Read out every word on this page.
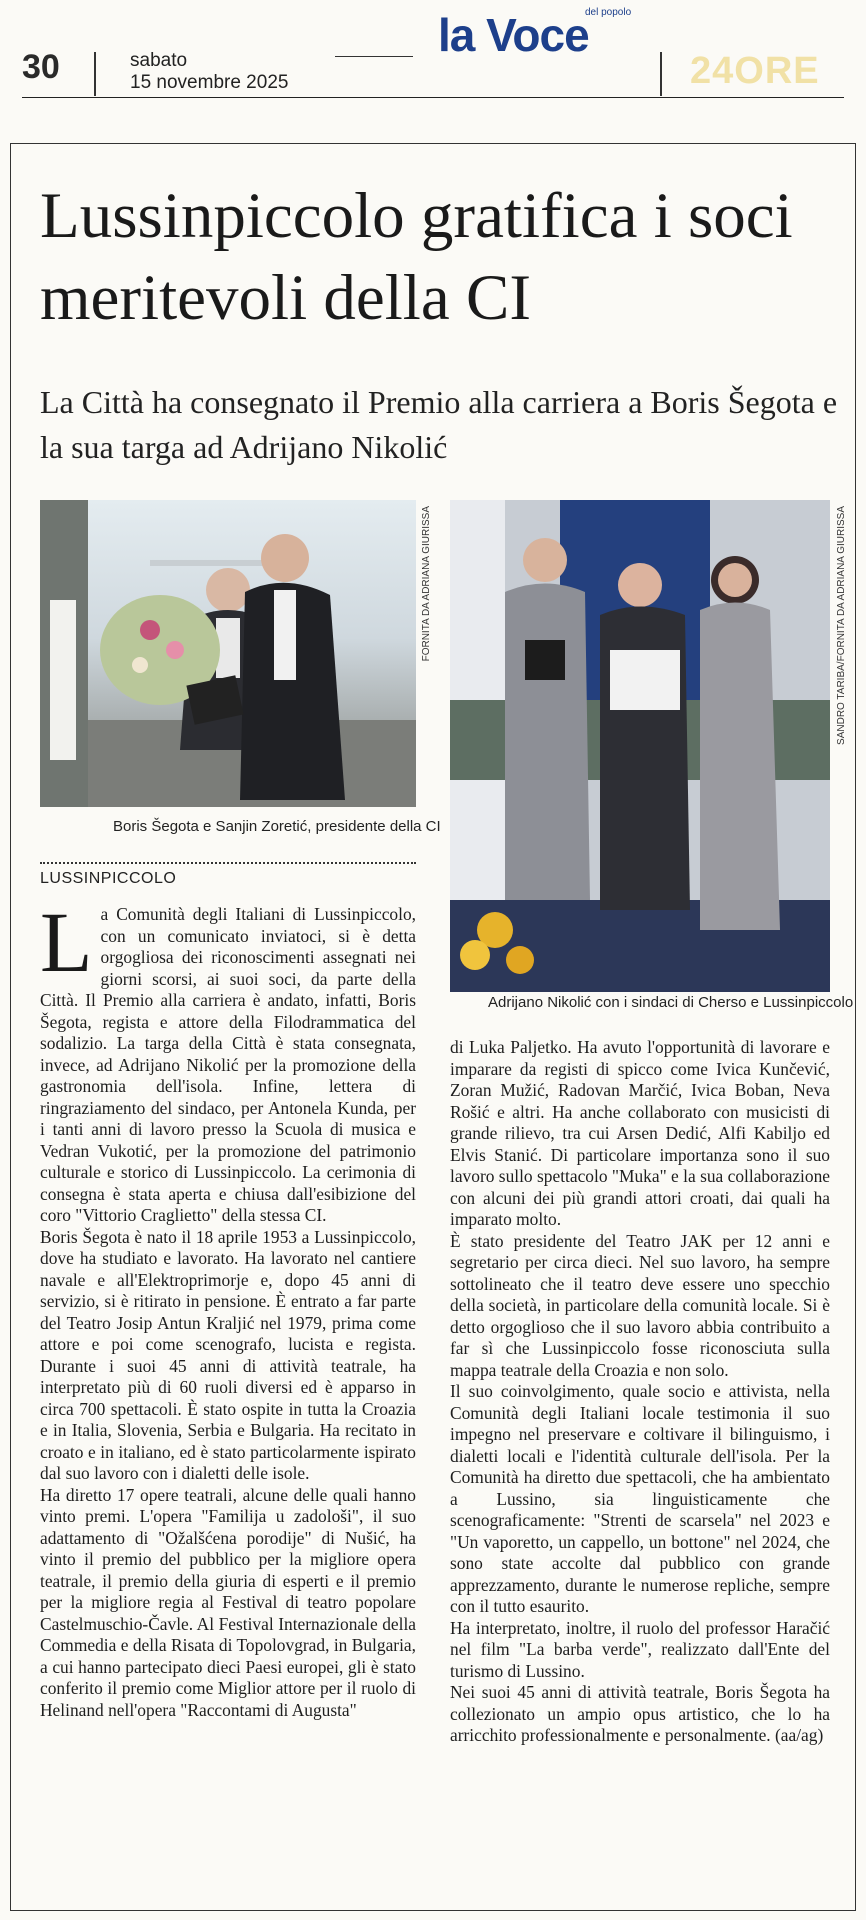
30	sabato
15 novembre 2025
la Voce
del popolo
24ORE
Lussinpiccolo gratifica i soci meritevoli della CI
La Città ha consegnato il Premio alla carriera a Boris Šegota e la sua targa ad Adrijano Nikolić
FORNITA DA ADRIANA GIURISSA
Boris Šegota e Sanjin Zoretić, presidente della CI
SANDRO TARIBA/FORNITA DA ADRIANA GIURISSA
Adrijano Nikolić con i sindaci di Cherso e Lussinpiccolo
LUSSINPICCOLO

La Comunità degli Italiani di Lussinpiccolo, con un comunicato inviatoci, si è detta orgogliosa dei riconoscimenti assegnati nei giorni scorsi, ai suoi soci, da parte della Città. Il Premio alla carriera è andato, infatti, Boris Šegota, regista e attore della Filodrammatica del sodalizio. La targa della Città è stata consegnata, invece, ad Adrijano Nikolić per la promozione della gastronomia dell'isola. Infine, lettera di ringraziamento del sindaco, per Antonela Kunda, per i tanti anni di lavoro presso la Scuola di musica e Vedran Vukotić, per la promozione del patrimonio culturale e storico di Lussinpiccolo. La cerimonia di consegna è stata aperta e chiusa dall'esibizione del coro "Vittorio Craglietto" della stessa CI.

Boris Šegota è nato il 18 aprile 1953 a Lussinpiccolo, dove ha studiato e lavorato. Ha lavorato nel cantiere navale e all'Elektroprimorje e, dopo 45 anni di servizio, si è ritirato in pensione. È entrato a far parte del Teatro Josip Antun Kraljić nel 1979, prima come attore e poi come scenografo, lucista e regista. Durante i suoi 45 anni di attività teatrale, ha interpretato più di 60 ruoli diversi ed è apparso in circa 700 spettacoli. È stato ospite in tutta la Croazia e in Italia, Slovenia, Serbia e Bulgaria. Ha recitato in croato e in italiano, ed è stato particolarmente ispirato dal suo lavoro con i dialetti delle isole.

Ha diretto 17 opere teatrali, alcune delle quali hanno vinto premi. L'opera "Familija u zadološi", il suo adattamento di "Ožalšćena porodije" di Nušić, ha vinto il premio del pubblico per la migliore opera teatrale, il premio della giuria di esperti e il premio per la migliore regia al Festival di teatro popolare Castelmuschio-Čavle. Al Festival Internazionale della Commedia e della Risata di Topolovgrad, in Bulgaria, a cui hanno partecipato dieci Paesi europei, gli è stato conferito il premio come Miglior attore per il ruolo di Helinand nell'opera "Raccontami di Augusta"

di Luka Paljetko. Ha avuto l'opportunità di lavorare e imparare da registi di spicco come Ivica Kunčević, Zoran Mužić, Radovan Marčić, Ivica Boban, Neva Rošić e altri. Ha anche collaborato con musicisti di grande rilievo, tra cui Arsen Dedić, Alfi Kabiljo ed Elvis Stanić. Di particolare importanza sono il suo lavoro sullo spettacolo "Muka" e la sua collaborazione con alcuni dei più grandi attori croati, dai quali ha imparato molto.

È stato presidente del Teatro JAK per 12 anni e segretario per circa dieci. Nel suo lavoro, ha sempre sottolineato che il teatro deve essere uno specchio della società, in particolare della comunità locale. Si è detto orgoglioso che il suo lavoro abbia contribuito a far sì che Lussinpiccolo fosse riconosciuta sulla mappa teatrale della Croazia e non solo.

Il suo coinvolgimento, quale socio e attivista, nella Comunità degli Italiani locale testimonia il suo impegno nel preservare e coltivare il bilinguismo, i dialetti locali e l'identità culturale dell'isola. Per la Comunità ha diretto due spettacoli, che ha ambientato a Lussino, sia linguisticamente che scenograficamente: "Strenti de scarsela" nel 2023 e "Un vaporetto, un cappello, un bottone" nel 2024, che sono state accolte dal pubblico con grande apprezzamento, durante le numerose repliche, sempre con il tutto esaurito.

Ha interpretato, inoltre, il ruolo del professor Haračić nel film "La barba verde", realizzato dall'Ente del turismo di Lussino.

Nei suoi 45 anni di attività teatrale, Boris Šegota ha collezionato un ampio opus artistico, che lo ha arricchito professionalmente e personalmente. (aa/ag)
